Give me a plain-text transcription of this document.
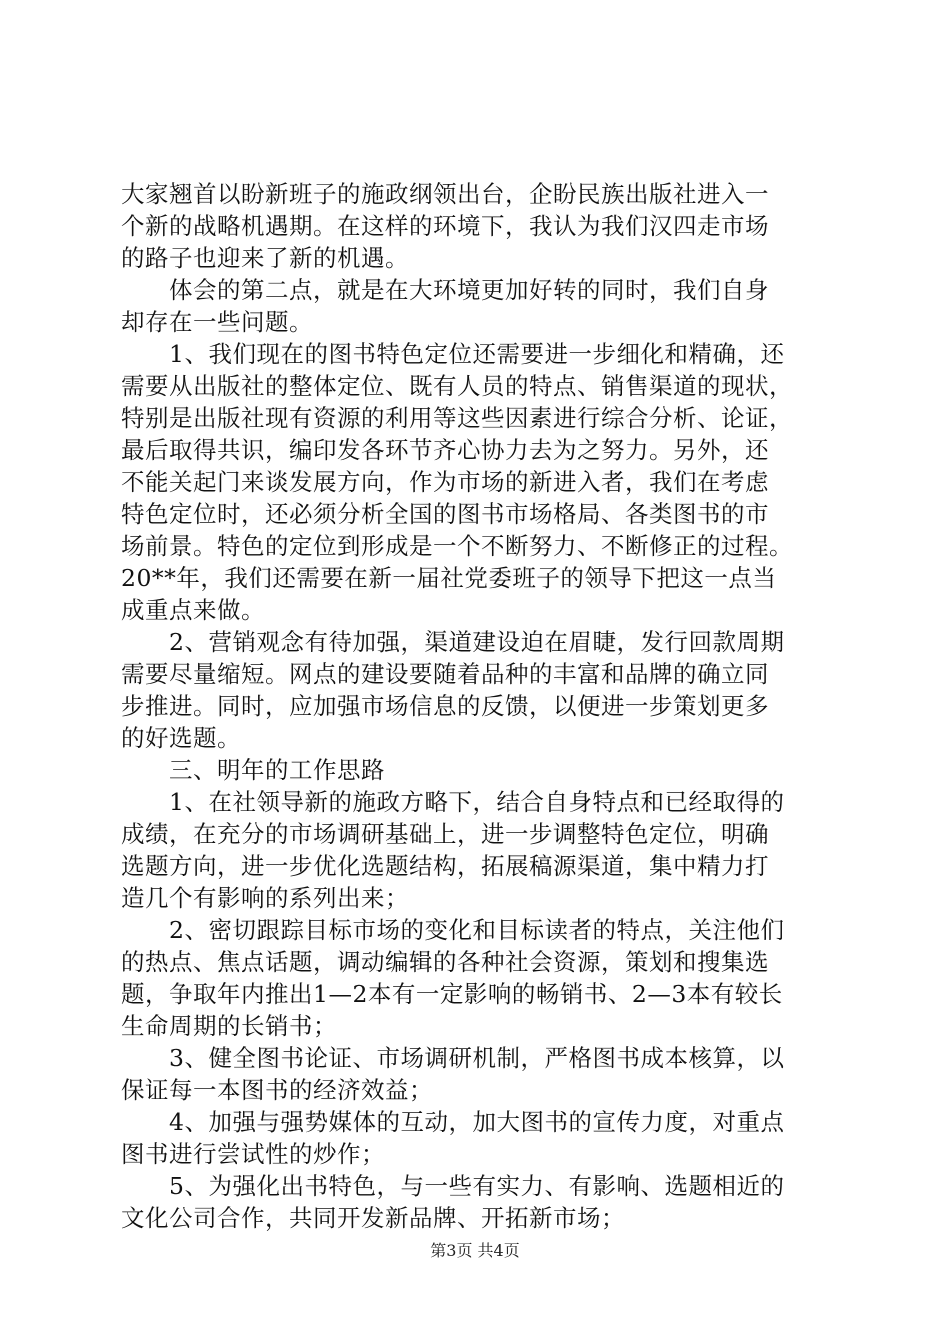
大家翘首以盼新班子的施政纲领出台，企盼民族出版社进入一
个新的战略机遇期。在这样的环境下，我认为我们汉四走市场
的路子也迎来了新的机遇。
　　体会的第二点，就是在大环境更加好转的同时，我们自身
却存在一些问题。
　　1、我们现在的图书特色定位还需要进一步细化和精确，还
需要从出版社的整体定位、既有人员的特点、销售渠道的现状，
特别是出版社现有资源的利用等这些因素进行综合分析、论证，
最后取得共识，编印发各环节齐心协力去为之努力。另外，还
不能关起门来谈发展方向，作为市场的新进入者，我们在考虑
特色定位时，还必须分析全国的图书市场格局、各类图书的市
场前景。特色的定位到形成是一个不断努力、不断修正的过程。
20**年，我们还需要在新一届社党委班子的领导下把这一点当
成重点来做。
　　2、营销观念有待加强，渠道建设迫在眉睫，发行回款周期
需要尽量缩短。网点的建设要随着品种的丰富和品牌的确立同
步推进。同时，应加强市场信息的反馈，以便进一步策划更多
的好选题。
　　三、明年的工作思路
　　1、在社领导新的施政方略下，结合自身特点和已经取得的
成绩，在充分的市场调研基础上，进一步调整特色定位，明确
选题方向，进一步优化选题结构，拓展稿源渠道，集中精力打
造几个有影响的系列出来；
　　2、密切跟踪目标市场的变化和目标读者的特点，关注他们
的热点、焦点话题，调动编辑的各种社会资源，策划和搜集选
题，争取年内推出1—2本有一定影响的畅销书、2—3本有较长
生命周期的长销书；
　　3、健全图书论证、市场调研机制，严格图书成本核算，以
保证每一本图书的经济效益；
　　4、加强与强势媒体的互动，加大图书的宣传力度，对重点
图书进行尝试性的炒作；
　　5、为强化出书特色，与一些有实力、有影响、选题相近的
文化公司合作，共同开发新品牌、开拓新市场；
第3页 共4页
